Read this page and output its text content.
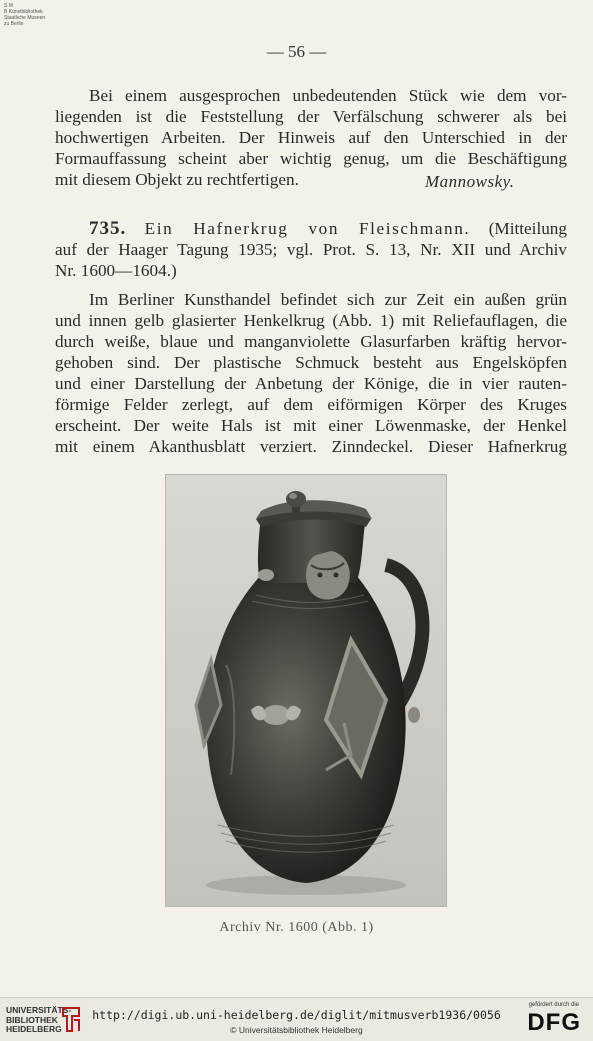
S M
B Kunstbibliothek
Staatliche Museen
zu Berlin
— 56 —
Bei einem ausgesprochen unbedeutenden Stück wie dem vor-
liegenden ist die Feststellung der Verfälschung schwerer als bei
hochwertigen Arbeiten. Der Hinweis auf den Unterschied in der
Formauffassung scheint aber wichtig genug, um die Beschäftigung
mit diesem Objekt zu rechtfertigen.	Mannowsky.
735. Ein Hafnerkrug von Fleischmann. (Mitteilung
auf der Haager Tagung 1935; vgl. Prot. S. 13, Nr. XII und Archiv
Nr. 1600—1604.)
Im Berliner Kunsthandel befindet sich zur Zeit ein außen grün
und innen gelb glasierter Henkelkrug (Abb. 1) mit Reliefauflagen, die
durch weiße, blaue und manganviolette Glasurfarben kräftig hervor-
gehoben sind. Der plastische Schmuck besteht aus Engelsköpfen
und einer Darstellung der Anbetung der Könige, die in vier rauten-
förmige Felder zerlegt, auf dem eiförmigen Körper des Kruges
erscheint. Der weite Hals ist mit einer Löwenmaske, der Henkel
mit einem Akanthusblatt verziert. Zinndeckel. Dieser Hafnerkrug
Archiv Nr. 1600 (Abb. 1)
UNIVERSITÄTS-
BIBLIOTHEK
HEIDELBERG
http://digi.ub.uni-heidelberg.de/diglit/mitmusverb1936/0056
© Universitätsbibliothek Heidelberg
gefördert durch die
DFG
